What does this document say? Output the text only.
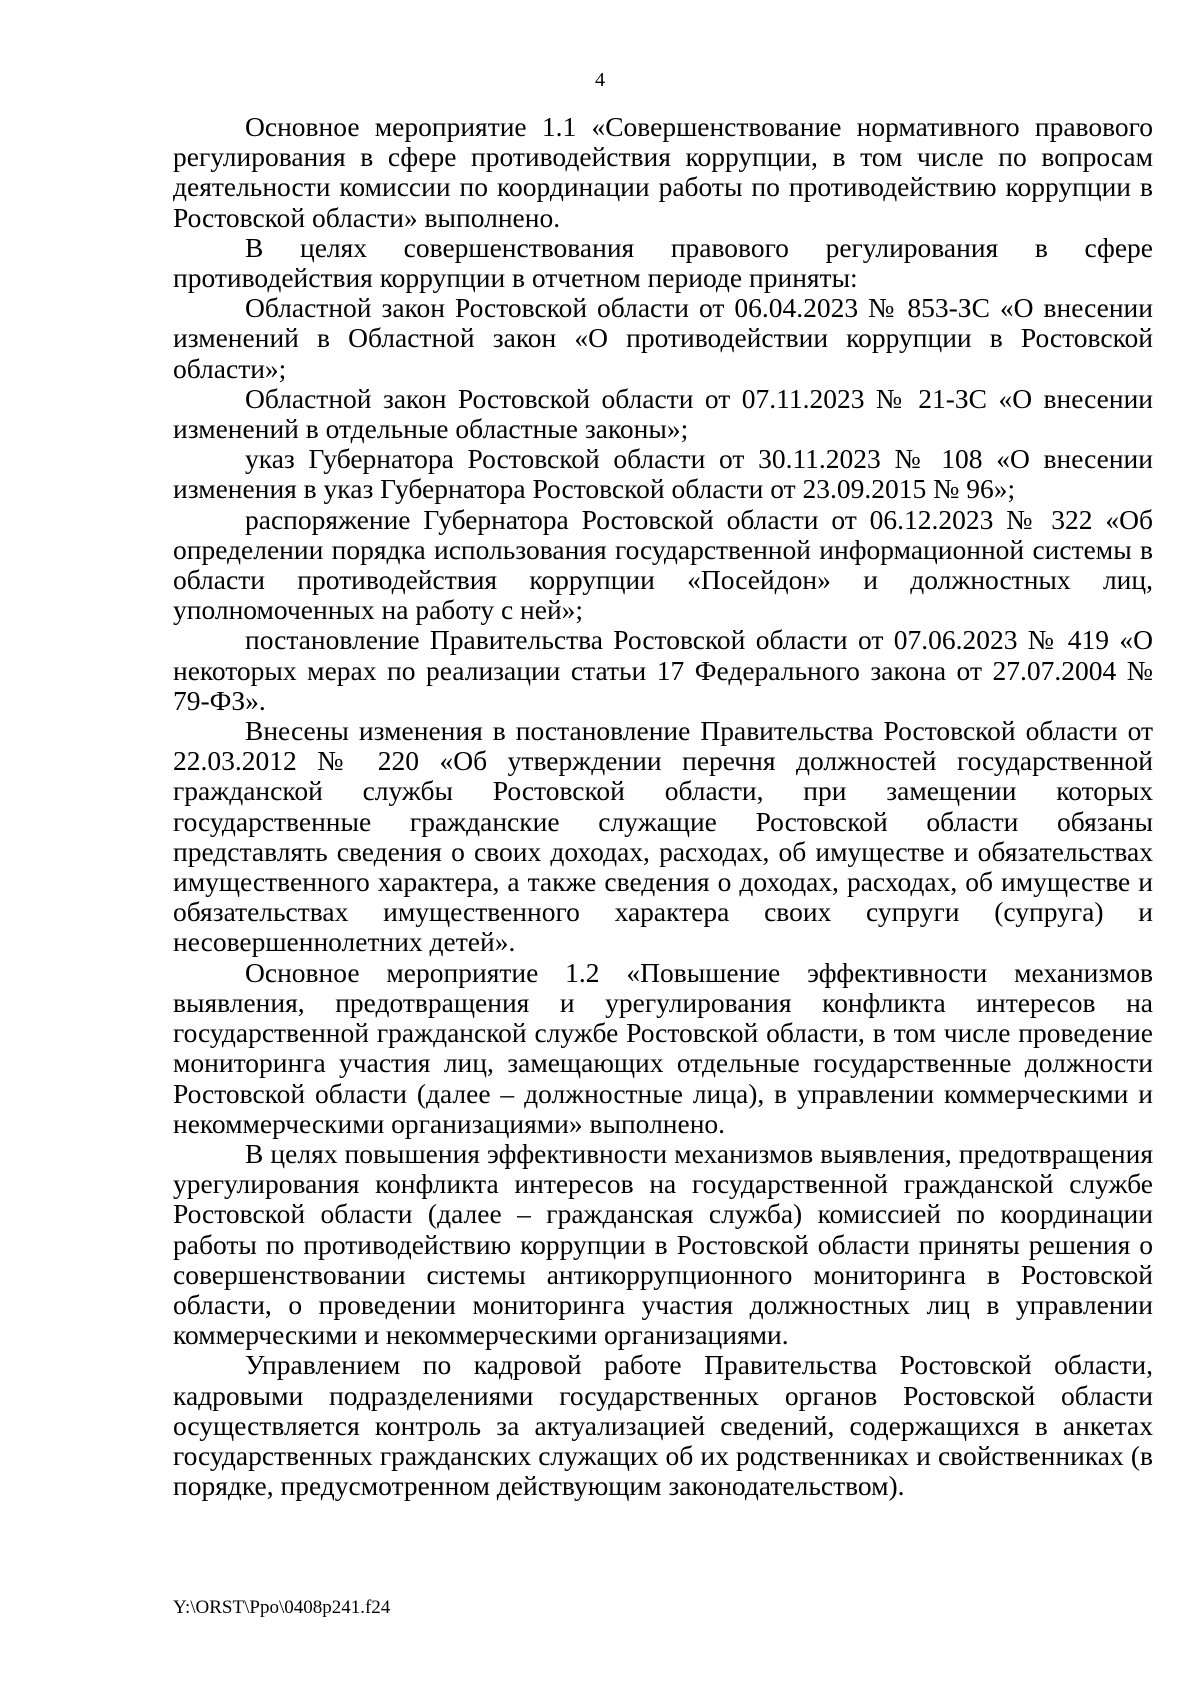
4

Основное мероприятие 1.1 «Совершенствование нормативного правового регулирования в сфере противодействия коррупции, в том числе по вопросам деятельности комиссии по координации работы по противодействию коррупции в Ростовской области» выполнено.

В целях совершенствования правового регулирования в сфере противодействия коррупции в отчетном периоде приняты:

Областной закон Ростовской области от 06.04.2023 № 853-ЗС «О внесении изменений в Областной закон «О противодействии коррупции в Ростовской области»;

Областной закон Ростовской области от 07.11.2023 № 21-ЗС «О внесении изменений в отдельные областные законы»;

указ Губернатора Ростовской области от 30.11.2023 № 108 «О внесении изменения в указ Губернатора Ростовской области от 23.09.2015 № 96»;

распоряжение Губернатора Ростовской области от 06.12.2023 № 322 «Об определении порядка использования государственной информационной системы в области противодействия коррупции «Посейдон» и должностных лиц, уполномоченных на работу с ней»;

постановление Правительства Ростовской области от 07.06.2023 № 419 «О некоторых мерах по реализации статьи 17 Федерального закона от 27.07.2004 № 79-ФЗ».

Внесены изменения в постановление Правительства Ростовской области от 22.03.2012 № 220 «Об утверждении перечня должностей государственной гражданской службы Ростовской области, при замещении которых государственные гражданские служащие Ростовской области обязаны представлять сведения о своих доходах, расходах, об имуществе и обязательствах имущественного характера, а также сведения о доходах, расходах, об имуществе и обязательствах имущественного характера своих супруги (супруга) и несовершеннолетних детей».

Основное мероприятие 1.2 «Повышение эффективности механизмов выявления, предотвращения и урегулирования конфликта интересов на государственной гражданской службе Ростовской области, в том числе проведение мониторинга участия лиц, замещающих отдельные государственные должности Ростовской области (далее – должностные лица), в управлении коммерческими и некоммерческими организациями» выполнено.

В целях повышения эффективности механизмов выявления, предотвращения урегулирования конфликта интересов на государственной гражданской службе Ростовской области (далее – гражданская служба) комиссией по координации работы по противодействию коррупции в Ростовской области приняты решения о совершенствовании системы антикоррупционного мониторинга в Ростовской области, о проведении мониторинга участия должностных лиц в управлении коммерческими и некоммерческими организациями.

Управлением по кадровой работе Правительства Ростовской области, кадровыми подразделениями государственных органов Ростовской области осуществляется контроль за актуализацией сведений, содержащихся в анкетах государственных гражданских служащих об их родственниках и свойственниках (в порядке, предусмотренном действующим законодательством).

Y:\ORST\Ppo\0408p241.f24
